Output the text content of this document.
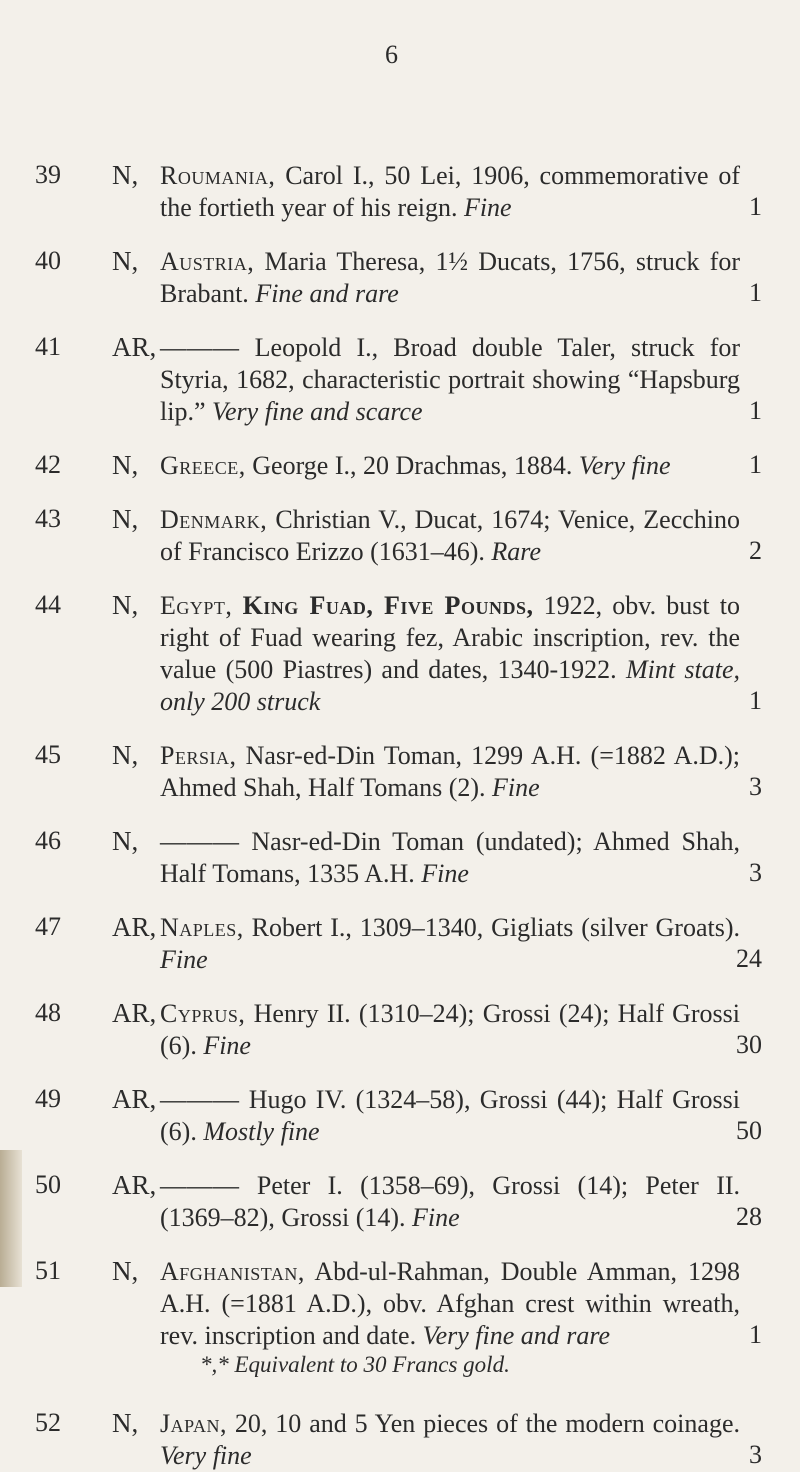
6
39 N, Roumania, Carol I., 50 Lei, 1906, commemorative of the fortieth year of his reign. Fine	1
40 N, Austria, Maria Theresa, 1½ Ducats, 1756, struck for Brabant. Fine and rare	1
41 AR, ——— Leopold I., Broad double Taler, struck for Styria, 1682, characteristic portrait showing “Hapsburg lip.” Very fine and scarce	1
42 N, Greece, George I., 20 Drachmas, 1884. Very fine	1
43 N, Denmark, Christian V., Ducat, 1674; Venice, Zecchino of Francisco Erizzo (1631–46). Rare	2
44 N, Egypt, King Fuad, Five Pounds, 1922, obv. bust to right of Fuad wearing fez, Arabic inscription, rev. the value (500 Piastres) and dates, 1340-1922. Mint state, only 200 struck	1
45 N, Persia, Nasr-ed-Din Toman, 1299 A.H. (=1882 A.D.); Ahmed Shah, Half Tomans (2). Fine	3
46 N, ——— Nasr-ed-Din Toman (undated); Ahmed Shah, Half Tomans, 1335 A.H. Fine	3
47 AR, Naples, Robert I., 1309–1340, Gigliats (silver Groats). Fine	24
48 AR, Cyprus, Henry II. (1310–24); Grossi (24); Half Grossi (6). Fine	30
49 AR, ——— Hugo IV. (1324–58), Grossi (44); Half Grossi (6). Mostly fine	50
50 AR, ——— Peter I. (1358–69), Grossi (14); Peter II. (1369–82), Grossi (14). Fine	28
51 N, Afghanistan, Abd-ul-Rahman, Double Amman, 1298 A.H. (=1881 A.D.), obv. Afghan crest within wreath, rev. inscription and date. Very fine and rare	1
52 N, Japan, 20, 10 and 5 Yen pieces of the modern coinage. Very fine	3
*,* Equivalent to 30 Francs gold.
